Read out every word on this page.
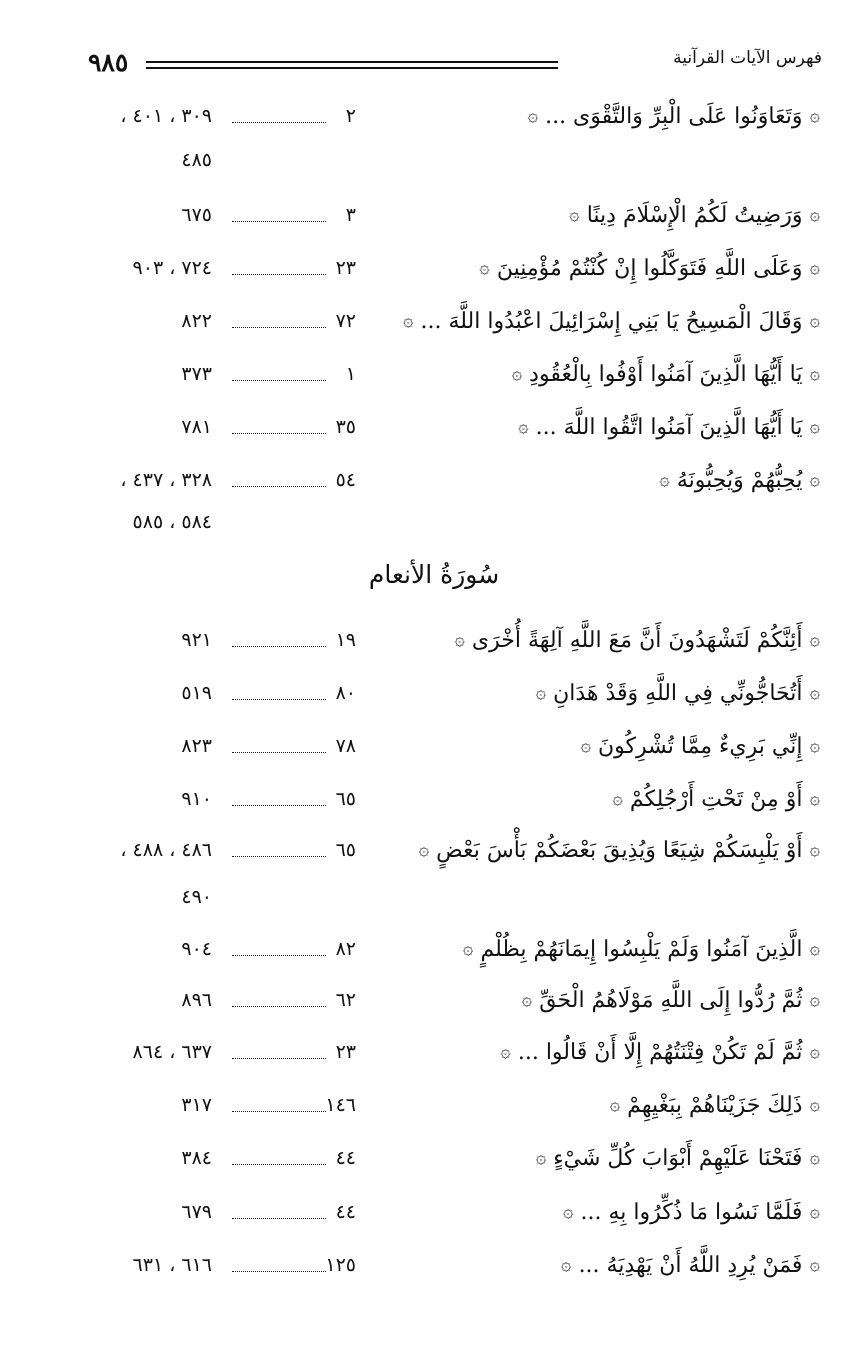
٩٨٥	فهرس الآيات القرآنية
۞ وَتَعَاوَنُوا عَلَى الْبِرِّ وَالتَّقْوَى ... ۞
٢
٣٠٩ ، ٤٠١ ،
٤٨٥
۞ وَرَضِيتُ لَكُمُ الْإِسْلَامَ دِينًا ۞
٣
٦٧٥
۞ وَعَلَى اللَّهِ فَتَوَكَّلُوا إِنْ كُنْتُمْ مُؤْمِنِينَ ۞
٢٣
٧٢٤ ، ٩٠٣
۞ وَقَالَ الْمَسِيحُ يَا بَنِي إِسْرَائِيلَ اعْبُدُوا اللَّهَ ... ۞
٧٢
٨٢٢
۞ يَا أَيُّهَا الَّذِينَ آمَنُوا أَوْفُوا بِالْعُقُودِ ۞
١
٣٧٣
۞ يَا أَيُّهَا الَّذِينَ آمَنُوا اتَّقُوا اللَّهَ ... ۞
٣٥
٧٨١
۞ يُحِبُّهُمْ وَيُحِبُّونَهُ ۞
٥٤
٣٢٨ ، ٤٣٧ ،
٥٨٤ ، ٥٨٥
سُورَةُ الأنعام
۞ أَئِنَّكُمْ لَتَشْهَدُونَ أَنَّ مَعَ اللَّهِ آلِهَةً أُخْرَى ۞
١٩
٩٢١
۞ أَتُحَاجُّونِّي فِي اللَّهِ وَقَدْ هَدَانِ ۞
٨٠
٥١٩
۞ إِنِّي بَرِيءٌ مِمَّا تُشْرِكُونَ ۞
٧٨
٨٢٣
۞ أَوْ مِنْ تَحْتِ أَرْجُلِكُمْ ۞
٦٥
٩١٠
۞ أَوْ يَلْبِسَكُمْ شِيَعًا وَيُذِيقَ بَعْضَكُمْ بَأْسَ بَعْضٍ ۞
٦٥
٤٨٦ ، ٤٨٨ ،
٤٩٠
۞ الَّذِينَ آمَنُوا وَلَمْ يَلْبِسُوا إِيمَانَهُمْ بِظُلْمٍ ۞
٨٢
٩٠٤
۞ ثُمَّ رُدُّوا إِلَى اللَّهِ مَوْلَاهُمُ الْحَقِّ ۞
٦٢
٨٩٦
۞ ثُمَّ لَمْ تَكُنْ فِتْنَتُهُمْ إِلَّا أَنْ قَالُوا ... ۞
٢٣
٦٣٧ ، ٨٦٤
۞ ذَلِكَ جَزَيْنَاهُمْ بِبَغْيِهِمْ ۞
١٤٦
٣١٧
۞ فَتَحْنَا عَلَيْهِمْ أَبْوَابَ كُلِّ شَيْءٍ ۞
٤٤
٣٨٤
۞ فَلَمَّا نَسُوا مَا ذُكِّرُوا بِهِ ... ۞
٤٤
٦٧٩
۞ فَمَنْ يُرِدِ اللَّهُ أَنْ يَهْدِيَهُ ... ۞
١٢٥
٦١٦ ، ٦٣١
